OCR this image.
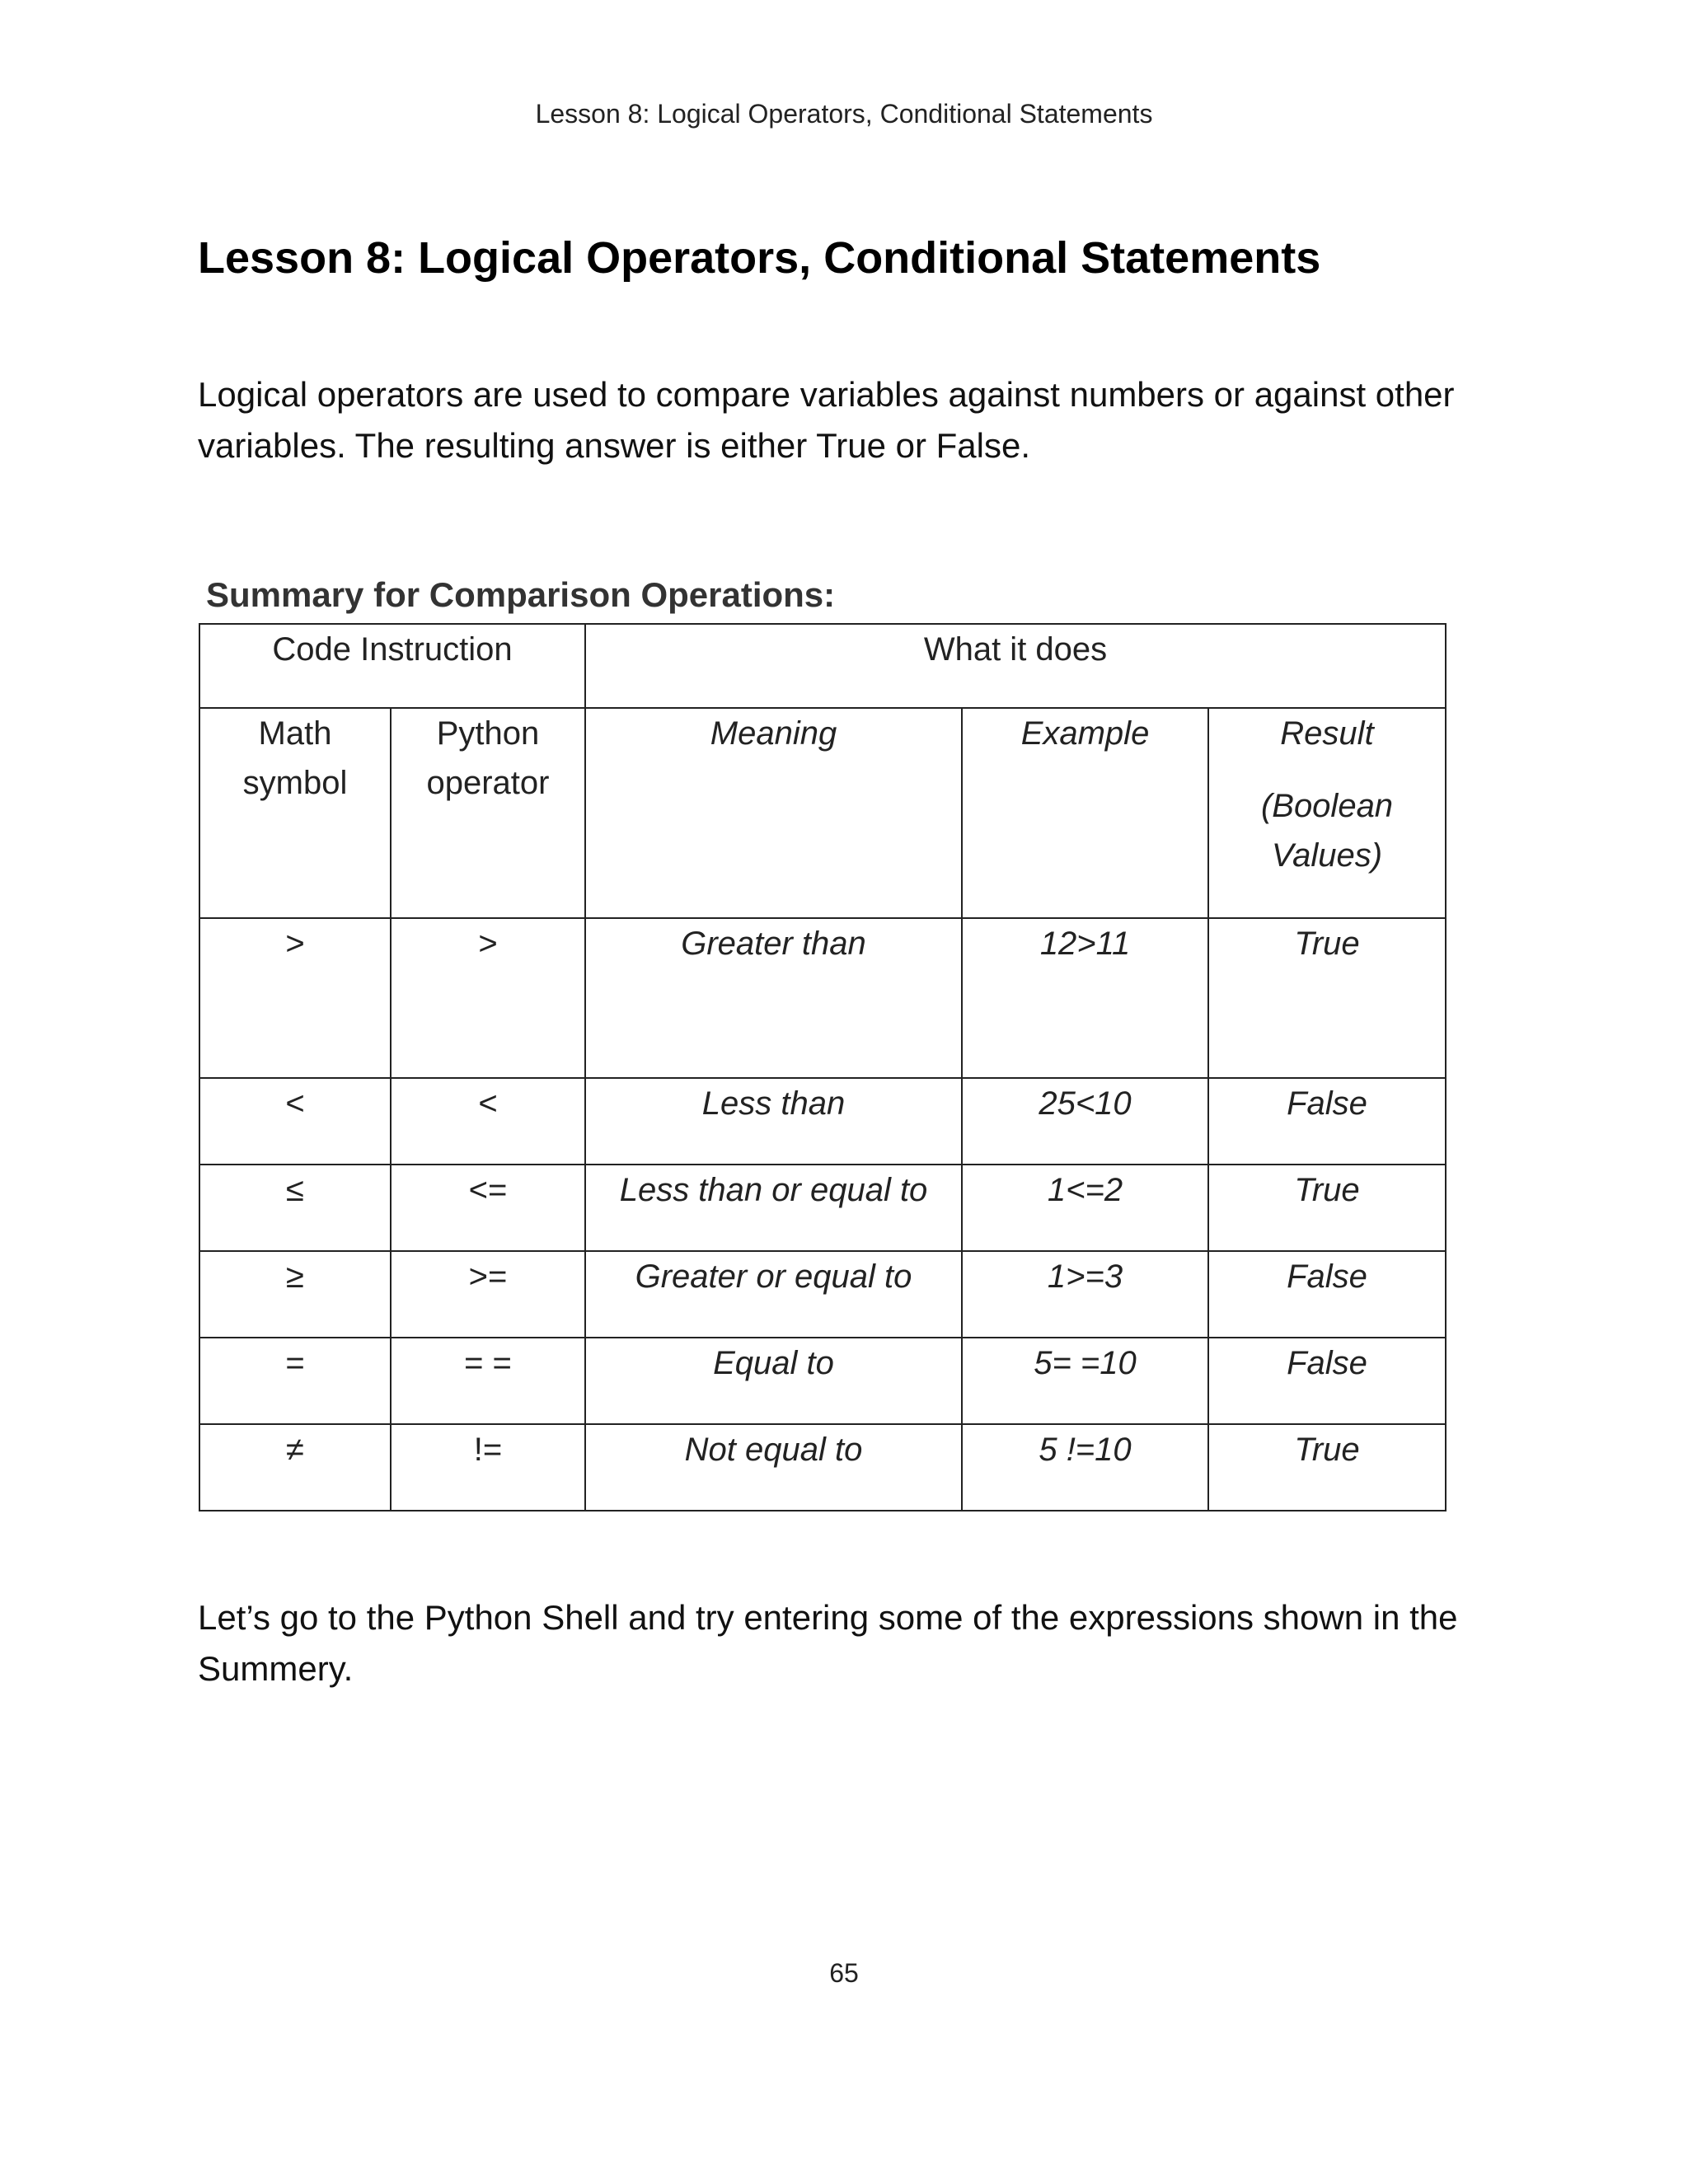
Lesson 8: Logical Operators, Conditional Statements
Lesson 8: Logical Operators, Conditional Statements

Logical operators are used to compare variables against numbers or against other variables. The resulting answer is either True or False.

Summary for Comparison Operations:

Code Instruction		What it does		
Math symbol	Python operator	Meaning	Example	Result
(Boolean Values)

>	>	Greater than	12>11	True
<	<	Less than	25<10	False
≤	<=	Less than or equal to	1<=2	True
≥	>=	Greater or equal to	1>=3	False
=	= =	Equal to	5= =10	False
≠	!=	Not equal to	5 !=10	True

Let’s go to the Python Shell and try entering some of the expressions shown in the Summery.

65
